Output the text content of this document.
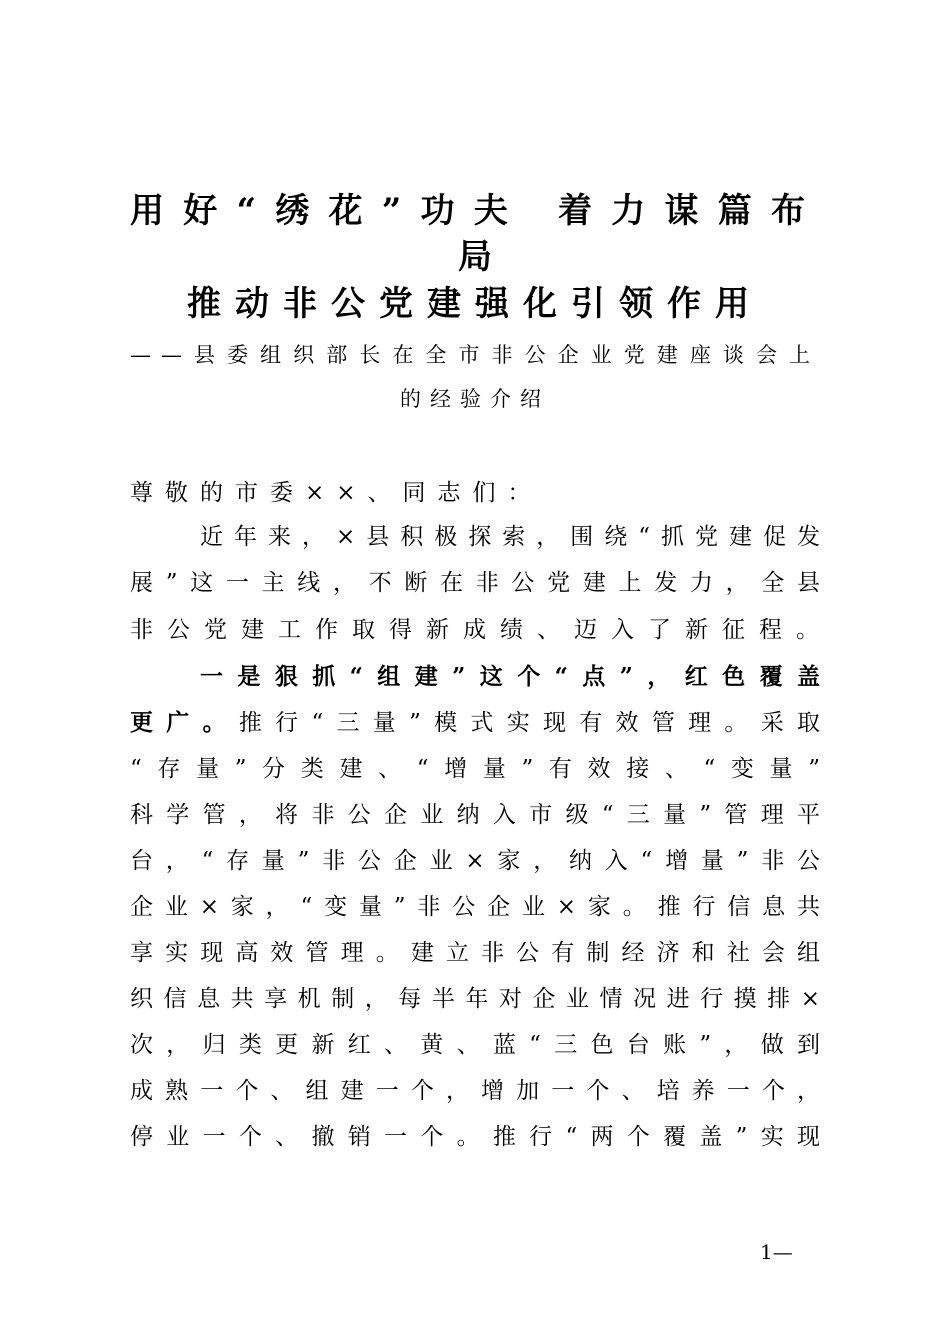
用好“绣花”功夫 着力谋篇布
局
推动非公党建强化引领作用
——县委组织部长在全市非公企业党建座谈会上
的经验介绍
尊敬的市委××、同志们：
近年来，×县积极探索，围绕“抓党建促发
展”这一主线，不断在非公党建上发力，全县
非公党建工作取得新成绩、迈入了新征程。
一是狠抓“组建”这个“点”，红色覆盖
更广。推行“三量”模式实现有效管理。采取
“存量”分类建、“增量”有效接、“变量”
科学管，将非公企业纳入市级“三量”管理平
台，“存量”非公企业×家，纳入“增量”非公
企业×家，“变量”非公企业×家。推行信息共
享实现高效管理。建立非公有制经济和社会组
织信息共享机制，每半年对企业情况进行摸排×
次，归类更新红、黄、蓝“三色台账”，做到
成熟一个、组建一个，增加一个、培养一个，
停业一个、撤销一个。推行“两个覆盖”实现
1—
